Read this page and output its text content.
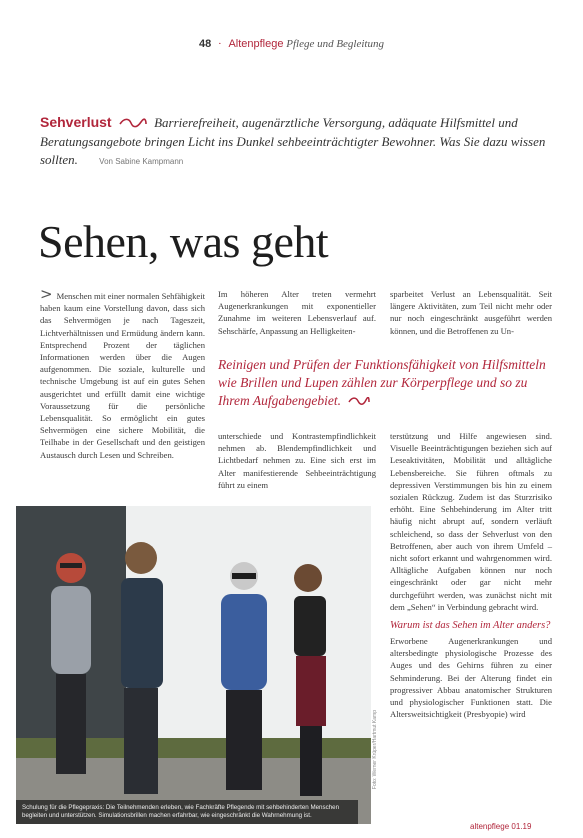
48 · Altenpflege Pflege und Begleitung
Sehverlust	Barrierefreiheit, augenärztliche Versorgung, adäquate Hilfsmittel und Beratungsangebote bringen Licht ins Dunkel sehbeeinträchtigter Bewohner. Was Sie dazu wissen sollten.	Von Sabine Kampmann
Sehen, was geht

> Menschen mit einer normalen Sehfähigkeit haben kaum eine Vorstellung davon, dass sich das Sehvermögen je nach Tageszeit, Lichtverhältnissen und Ermüdung ändern kann. Entsprechend Prozent der täglichen Informationen werden über die Augen aufgenommen. Die soziale, kulturelle und technische Umgebung ist auf ein gutes Sehen ausgerichtet und erfüllt damit eine wichtige Voraussetzung für die persönliche Lebensqualität. So ermöglicht ein gutes Sehvermögen eine sichere Mobilität, die Teilhabe in der Gesellschaft und den geistigen Austausch durch Lesen und Schreiben.

Im höheren Alter treten vermehrt Augenerkrankungen mit exponentieller Zunahme im weiteren Lebensverlauf auf. Sehschärfe, Anpassung an Helligkeiten-

sparbeitet Verlust an Lebensqualität. Seit längere Aktivitäten, zum Teil nicht mehr oder nur noch eingeschränkt ausgeführt werden können, und die Betroffenen zu Un-

Reinigen und Prüfen der Funktionsfähigkeit von Hilfsmitteln wie Brillen und Lupen zählen zur Körperpflege und so zu Ihrem Aufgabengebiet.

unterschiede und Kontrastempfindlichkeit nehmen ab. Blendempfindlichkeit und Lichtbedarf nehmen zu. Eine sich erst im Alter manifestierende Sehbeeinträchtigung führt zu einem

terstützung und Hilfe angewiesen sind. Visuelle Beeinträchtigungen beziehen sich auf Leseaktivitäten, Mobilität und alltägliche Lebensbereiche. Sie führen oftmals zu depressiven Verstimmungen bis hin zu einem sozialen Rückzug. Zudem ist das Sturzrisiko erhöht. Eine Sehbehinderung im Alter tritt häufig nicht abrupt auf, sondern verläuft schleichend, so dass der Sehverlust von den Betroffenen, aber auch von ihrem Umfeld – nicht sofort erkannt und wahrgenommen wird. Alltägliche Aufgaben können nur noch eingeschränkt oder gar nicht mehr durchgeführt werden, was zunächst nicht mit dem „Sehen“ in Verbindung gebracht wird.

Warum ist das Sehen im Alter anders?

Erworbene Augenerkrankungen und altersbedingte physiologische Prozesse des Auges und des Gehirns führen zu einer Sehminderung. Bei der Alterung findet ein progressiver Abbau anatomischer Strukturen und physiologischer Funktionen statt. Die Altersweitsichtigkeit (Presbyopie) wird

Schulung für die Pflegepraxis: Die Teilnehmenden erleben, wie Fachkräfte Pflegende mit sehbehinderten Menschen begleiten und unterstützen. Simulationsbrillen machen erfahrbar, wie eingeschränkt die Wahrnehmung ist.
Foto: Werner Krüper/Hartmut Kamp
altenpflege 01.19
